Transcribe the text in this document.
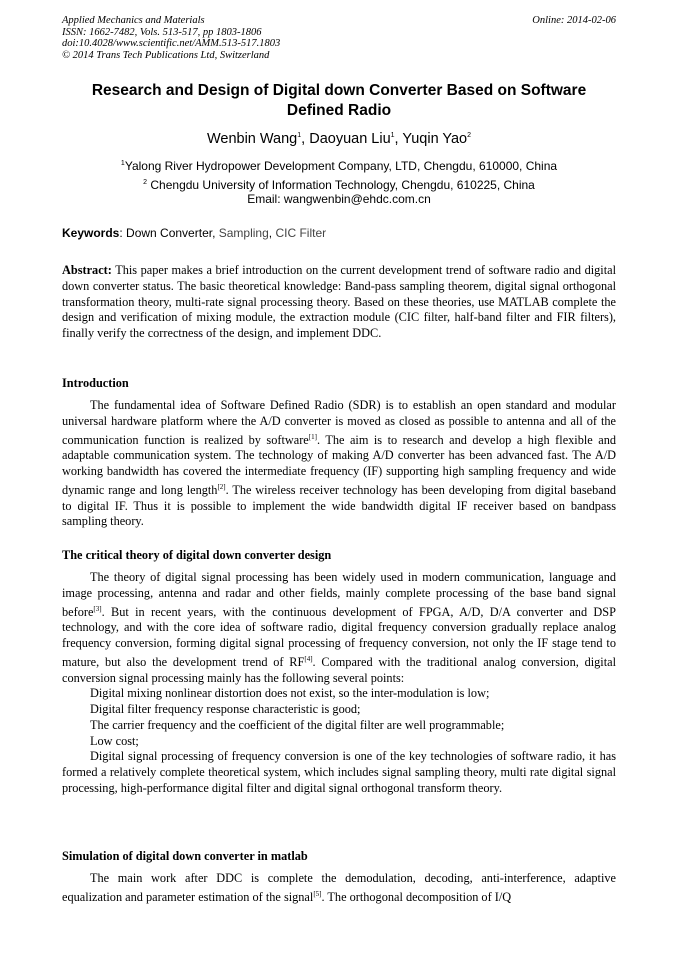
Applied Mechanics and Materials
ISSN: 1662-7482, Vols. 513-517, pp 1803-1806
doi:10.4028/www.scientific.net/AMM.513-517.1803
© 2014 Trans Tech Publications Ltd, Switzerland
Online: 2014-02-06
Research and Design of Digital down Converter Based on Software Defined Radio
Wenbin Wang$^1$, Daoyuan Liu$^1$, Yuqin Yao$^2$
$^1$Yalong River Hydropower Development Company, LTD, Chengdu, 610000, China
$^2$ Chengdu University of Information Technology, Chengdu, 610225, China
Email: wangwenbin@ehdc.com.cn
Keywords: Down Converter, Sampling, CIC Filter

Abstract: This paper makes a brief introduction on the current development trend of software radio and digital down converter status. The basic theoretical knowledge: Band-pass sampling theorem, digital signal orthogonal transformation theory, multi-rate signal processing theory. Based on these theories, use MATLAB complete the design and verification of mixing module, the extraction module (CIC filter, half-band filter and FIR filters), finally verify the correctness of the design, and implement DDC.

Introduction

The fundamental idea of Software Defined Radio (SDR) is to establish an open standard and modular universal hardware platform where the A/D converter is moved as closed as possible to antenna and all of the communication function is realized by software[1]. The aim is to research and develop a high flexible and adaptable communication system. The technology of making A/D converter has been advanced fast. The A/D working bandwidth has covered the intermediate frequency (IF) supporting high sampling frequency and wide dynamic range and long length[2]. The wireless receiver technology has been developing from digital baseband to digital IF. Thus it is possible to implement the wide bandwidth digital IF receiver based on bandpass sampling theory.

The critical theory of digital down converter design

The theory of digital signal processing has been widely used in modern communication, language and image processing, antenna and radar and other fields, mainly complete processing of the base band signal before[3]. But in recent years, with the continuous development of FPGA, A/D, D/A converter and DSP technology, and with the core idea of software radio, digital frequency conversion gradually replace analog frequency conversion, forming digital signal processing of frequency conversion, not only the IF stage tend to mature, but also the development trend of RF[4]. Compared with the traditional analog conversion, digital conversion signal processing mainly has the following several points:

Digital mixing nonlinear distortion does not exist, so the inter-modulation is low;

Digital filter frequency response characteristic is good;

The carrier frequency and the coefficient of the digital filter are well programmable;

Low cost;

Digital signal processing of frequency conversion is one of the key technologies of software radio, it has formed a relatively complete theoretical system, which includes signal sampling theory, multi rate digital signal processing, high-performance digital filter and digital signal orthogonal transform theory.

Simulation of digital down converter in matlab

The main work after DDC is complete the demodulation, decoding, anti-interference, adaptive equalization and parameter estimation of the signal[5]. The orthogonal decomposition of I/Q
